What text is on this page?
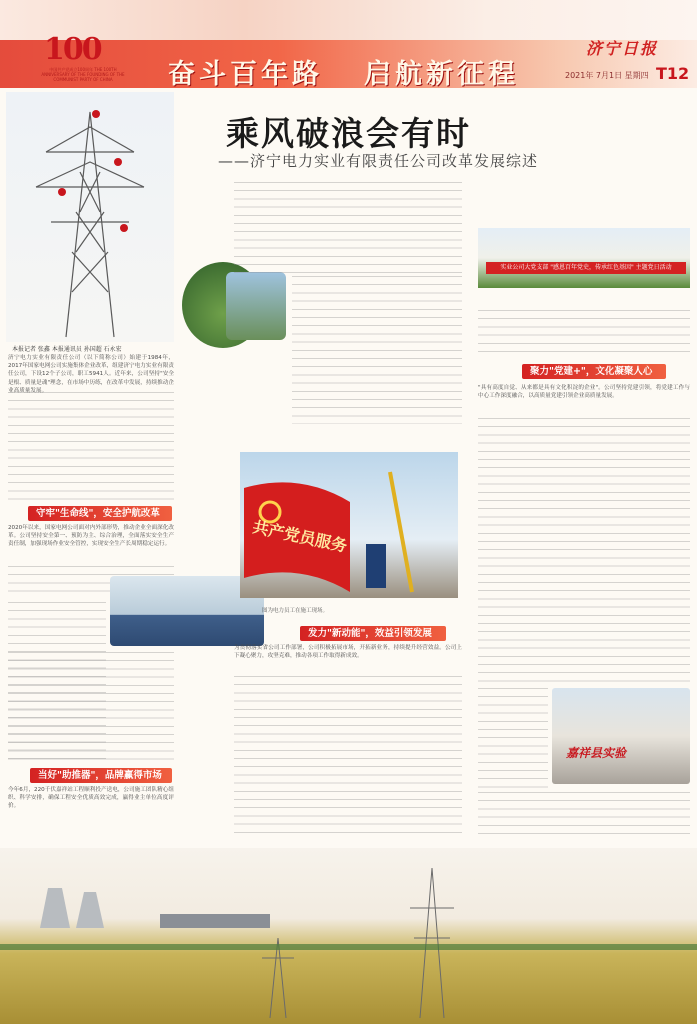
100
中国共产党成立100周年 THE 100TH ANNIVERSARY OF THE FOUNDING OF THE COMMUNIST PARTY OF CHINA	奋斗百年路 启航新征程
济宁日报
2021年 7月1日 星期四 T12
乘风破浪会有时
——济宁电力实业有限责任公司改革发展综述
本报记者 张鑫 本报通讯员 孙国超 石永宏
济宁电力实业有限责任公司（以下简称公司）始建于1984年，2017年国家电网公司实施集体企业改革，组建济宁电力实业有限责任公司，下设12个子公司，职工5941人。近年来，公司坚持"安全是根、质量是魂"理念，在市场中历练，在改革中发展，持续推动企业高质量发展。
守牢"生命线"，安全护航改革
2020年以来，国家电网公司面对内外部形势，推动企业全面深化改革。公司坚持安全第一、预防为主、综合治理，全面落实安全生产责任制，加强现场作业安全管控，实现安全生产长周期稳定运行。
当好"助推器"，品牌赢得市场
今年6月，220千伏嘉祥站工程顺利投产送电，公司施工团队精心组织、科学安排，确保工程安全优质高效完成，赢得业主单位高度评价。
共产党员服务
图为电力员工在施工现场。
发力"新动能"，效益引领发展
为贯彻落实省公司工作部署，公司积极拓展市场，开拓新业务，持续提升经营效益。公司上下凝心聚力，攻坚克难，推动各项工作取得新成效。
实业公司大党支部 "感恩百年党史，传承红色基因" 主题党日活动
聚力"党建+"，文化凝聚人心
"具有高度自觉、从来都是具有文化积淀的企业"。公司坚持党建引领，将党建工作与中心工作深度融合，以高质量党建引领企业高质量发展。
嘉祥县实验
